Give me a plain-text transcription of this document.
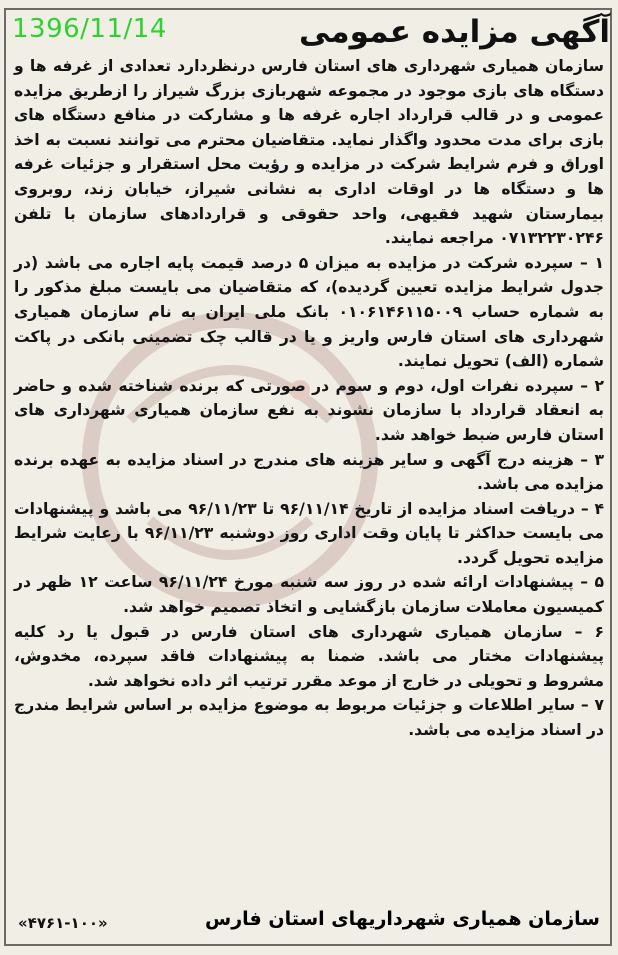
1396/11/14	آگهی مزایده عمومی

سازمان همیاری شهرداری های استان فارس درنظردارد تعدادی از غرفه ها و دستگاه های بازی موجود در مجموعه شهربازی بزرگ شیراز را ازطریق مزایده عمومی و در قالب قرارداد اجاره غرفه ها و مشارکت در منافع دستگاه های بازی برای مدت محدود واگذار نماید. متقاضیان محترم می توانند نسبت به اخذ اوراق و فرم شرایط شرکت در مزایده و رؤیت محل استقرار و جزئیات غرفه ها و دستگاه ها در اوقات اداری به نشانی شیراز، خیابان زند، روبروی بیمارستان شهید فقیهی، واحد حقوقی و قراردادهای سازمان با تلفن ۰۷۱۳۲۲۳۰۲۴۶ مراجعه نمایند.

۱ – سپرده شرکت در مزایده به میزان ۵ درصد قیمت پایه اجاره می باشد (در جدول شرایط مزایده تعیین گردیده)، که متقاضیان می بایست مبلغ مذکور را به شماره حساب ۰۱۰۶۱۴۶۱۱۵۰۰۹ بانک ملی ایران به نام سازمان همیاری شهرداری های استان فارس واریز و یا در قالب چک تضمینی بانکی در پاکت شماره (الف) تحویل نمایند.

۲ – سپرده نفرات اول، دوم و سوم در صورتی که برنده شناخته شده و حاضر به انعقاد قرارداد با سازمان نشوند به نفع سازمان همیاری شهرداری های استان فارس ضبط خواهد شد.

۳ – هزینه درج آگهی و سایر هزینه های مندرج در اسناد مزایده به عهده برنده مزایده می باشد.

۴ – دریافت اسناد مزایده از تاریخ ۹۶/۱۱/۱۴ تا ۹۶/۱۱/۲۳ می باشد و پیشنهادات می بایست حداکثر تا پایان وقت اداری روز دوشنبه ۹۶/۱۱/۲۳ با رعایت شرایط مزایده تحویل گردد.

۵ – پیشنهادات ارائه شده در روز سه شنبه مورخ ۹۶/۱۱/۲۴ ساعت ۱۲ ظهر در کمیسیون معاملات سازمان بازگشایی و اتخاذ تصمیم خواهد شد.

۶ – سازمان همیاری شهرداری های استان فارس در قبول یا رد کلیه پیشنهادات مختار می باشد. ضمنا به پیشنهادات فاقد سپرده، مخدوش، مشروط و تحویلی در خارج از موعد مقرر ترتیب اثر داده نخواهد شد.

۷ – سایر اطلاعات و جزئیات مربوط به موضوع مزایده بر اساس شرایط مندرج در اسناد مزایده می باشد.

«۴۷۶۱-۱۰۰»	سازمان همیاری شهرداریهای استان فارس
